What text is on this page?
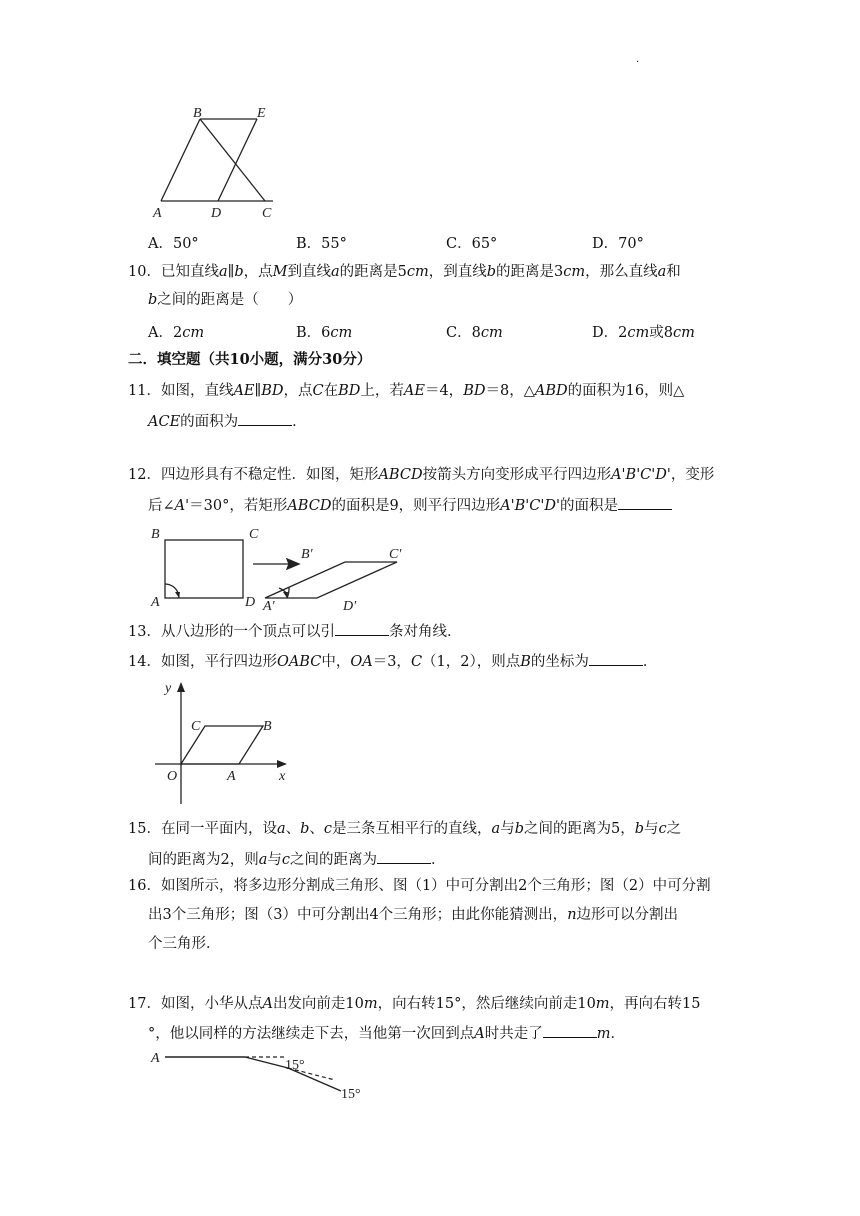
.
B	E
A	D	C
A．50°	B．55°	C．65°	D．70°
10．已知直线a∥b，点M到直线a的距离是5cm，到直线b的距离是3cm，那么直线a和
b之间的距离是（　　）
A．2cm	B．6cm	C．8cm	D．2cm或8cm
二．填空题（共10小题，满分30分）
11．如图，直线AE∥BD，点C在BD上，若AE＝4，BD＝8，△ABD的面积为16，则△
ACE的面积为	．
12．四边形具有不稳定性．如图，矩形ABCD按箭头方向变形成平行四边形A'B'C'D'，变形
后∠A'＝30°，若矩形ABCD的面积是9，则平行四边形A'B'C'D'的面积是
B	C
A	D
B'	C'
A'	D'
13．从八边形的一个顶点可以引	条对角线．
14．如图，平行四边形OABC中，OA＝3，C（1，2），则点B的坐标为	．
y
C	B
O	A	x
15．在同一平面内，设a、b、c是三条互相平行的直线，a与b之间的距离为5，b与c之
间的距离为2，则a与c之间的距离为	．
16．如图所示，将多边形分割成三角形、图（1）中可分割出2个三角形；图（2）中可分割
出3个三角形；图（3）中可分割出4个三角形；由此你能猜测出，n边形可以分割出
个三角形．
17．如图，小华从点A出发向前走10m，向右转15°，然后继续向前走10m，再向右转15
°，他以同样的方法继续走下去，当他第一次回到点A时共走了	m．
A	15°
15°
